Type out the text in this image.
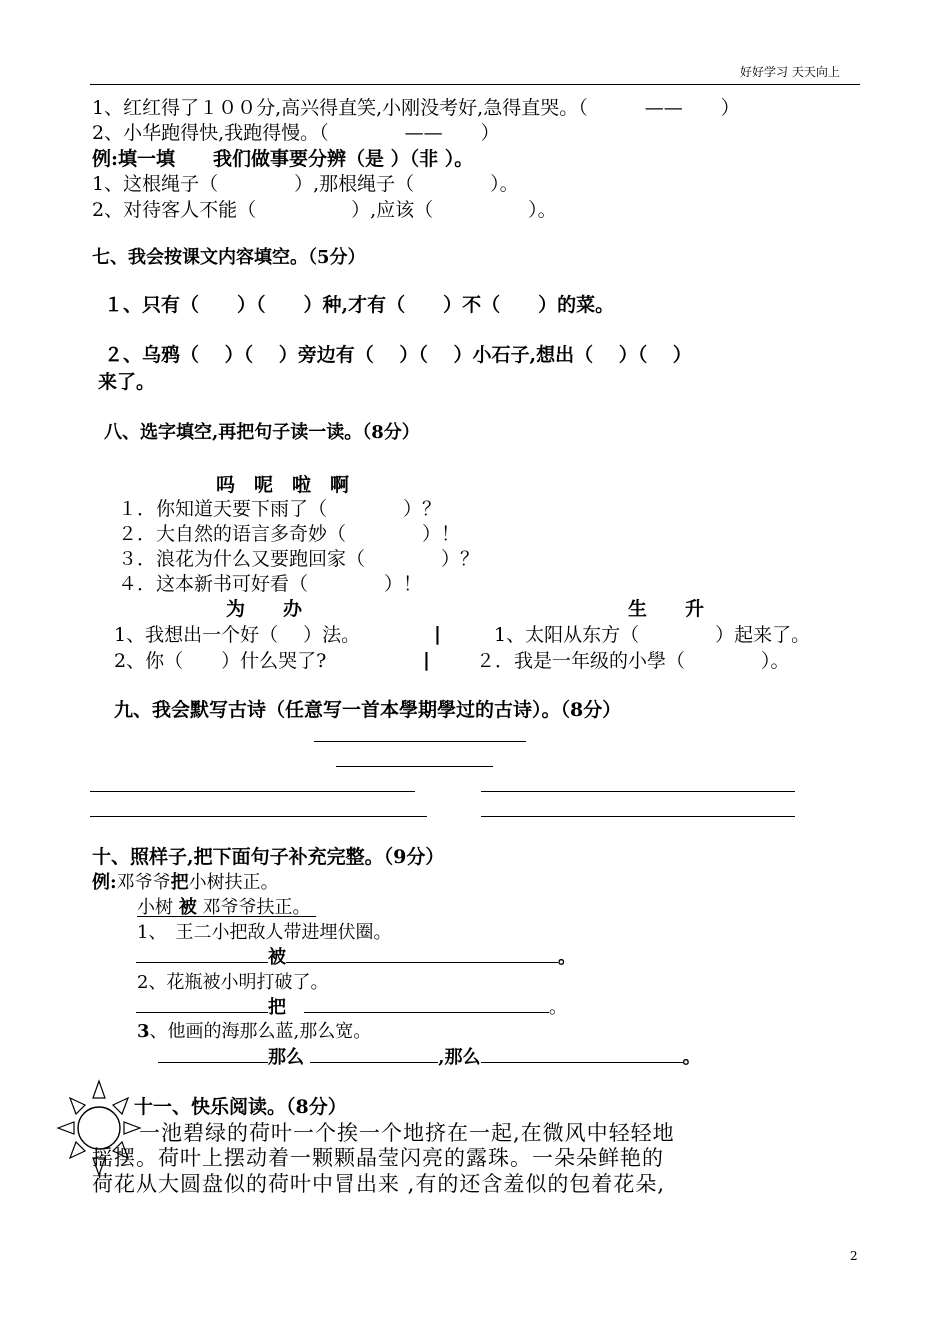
好好学习 天天向上
1、红红得了１００分,高兴得直笑,小刚没考好,急得直哭。（　　　——　　）
2、小华跑得快,我跑得慢。（　　　　——　　）
例:填一填　　我们做事要分辨（是 ）（非 ）。
1、这根绳子（　　　　）,那根绳子（　　　　）。
2、对待客人不能（　　　　　）,应该（　　　　　）。
七、我会按课文内容填空。（5分）
１、只有（　　）（　　）种,才有（　　）不（　　）的菜。
２、乌鸦（　 ）（　 ）旁边有（　 ）（　 ）小石子,想出（　 ）（　 ）
来了。
八、选字填空,再把句子读一读。（8分）
吗　呢　啦　啊
１．你知道天要下雨了（　　　　）？
２．大自然的语言多奇妙（　　　　）！
３．浪花为什么又要跑回家（　　　　）？
４．这本新书可好看（　　　　）！
为　　办	生　　升
1、我想出一个好（　 ）法。	|	1、太阳从东方（　　　　）起来了。
2、你（　　）什么哭了?	| ２．我是一年级的小學（　　　　）。
九、我会默写古诗（任意写一首本學期學过的古诗）。（8分）
十、照样子,把下面句子补充完整。（9分）
例:邓爷爷把小树扶正。
小树 被 邓爷爷扶正。
1、　王二小把敌人带进埋伏圈。
被	。
2、花瓶被小明打破了。
把　	。
3、他画的海那么蓝,那么宽。
那么	,那么	。
十一、快乐阅读。（8分）
一池碧绿的荷叶一个挨一个地挤在一起,在微风中轻轻地
摇摆。荷叶上摆动着一颗颗晶莹闪亮的露珠。一朵朵鲜艳的
荷花从大圆盘似的荷叶中冒出来 ,有的还含羞似的包着花朵,
2
